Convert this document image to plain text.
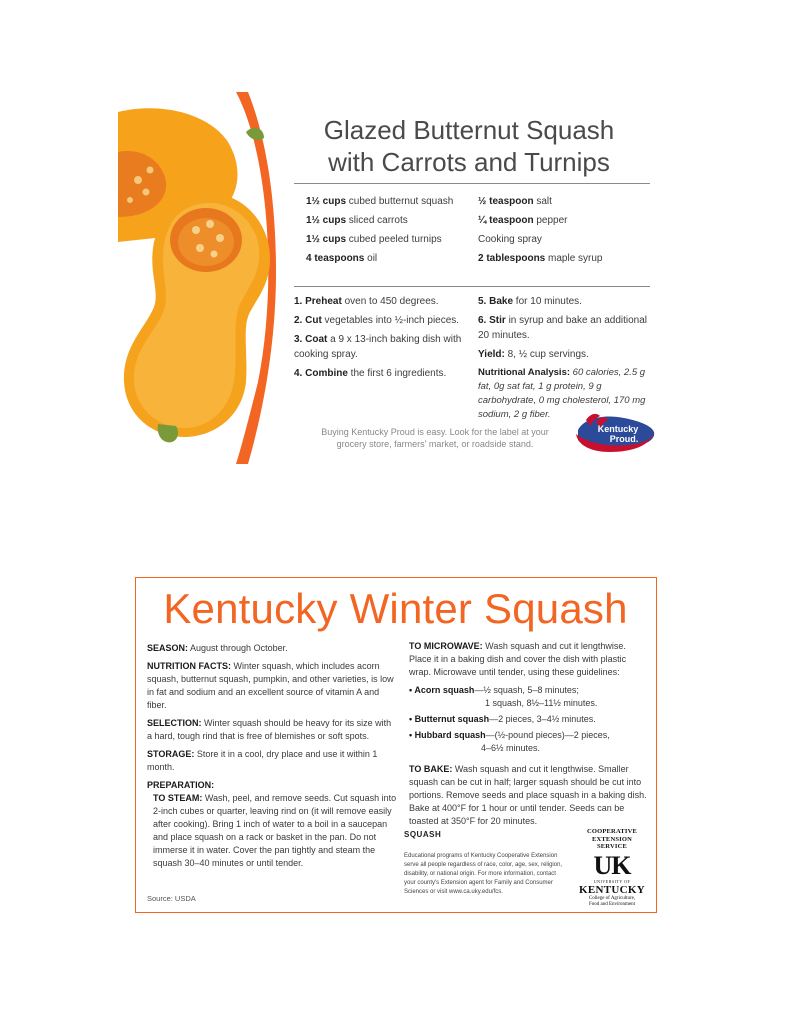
Glazed Butternut Squash
with Carrots and Turnips

1½ cups cubed butternut squash

1½ cups sliced carrots

1½ cups cubed peeled turnips

4 teaspoons oil

½ teaspoon salt

¼ teaspoon pepper

Cooking spray

2 tablespoons maple syrup

1. Preheat oven to 450 degrees.

2. Cut vegetables into ½-inch pieces.

3. Coat a 9 x 13-inch baking dish with cooking spray.

4. Combine the first 6 ingredients.

5. Bake for 10 minutes.

6. Stir in syrup and bake an additional 20 minutes.

Yield: 8, ½ cup servings.

Nutritional Analysis: 60 calories, 2.5 g fat, 0g sat fat, 1 g protein, 9 g carbohydrate, 0 mg cholesterol, 170 mg sodium, 2 g fiber.

Buying Kentucky Proud is easy. Look for the label at your
grocery store, farmers' market, or roadside stand.
Kentucky
Proud.
Kentucky Winter Squash

SEASON: August through October.

NUTRITION FACTS: Winter squash, which includes acorn squash, butternut squash, pumpkin, and other varieties, is low in fat and sodium and an excellent source of vitamin A and fiber.

SELECTION: Winter squash should be heavy for its size with a hard, tough rind that is free of blemishes or soft spots.

STORAGE: Store it in a cool, dry place and use it within 1 month.

PREPARATION:

TO STEAM: Wash, peel, and remove seeds. Cut squash into 2-inch cubes or quarter, leaving rind on (it will remove easily after cooking). Bring 1 inch of water to a boil in a saucepan and place squash on a rack or basket in the pan. Do not immerse it in water. Cover the pan tightly and steam the squash 30–40 minutes or until tender.

Source: USDA

TO MICROWAVE: Wash squash and cut it lengthwise. Place it in a baking dish and cover the dish with plastic wrap. Microwave until tender, using these guidelines:

• Acorn squash—½ squash, 5–8 minutes;
1 squash, 8½–11½ minutes.
• Butternut squash—2 pieces, 3–4½ minutes.
• Hubbard squash—(½-pound pieces)—2 pieces,

4–6½ minutes.

TO BAKE: Wash squash and cut it lengthwise. Smaller squash can be cut in half; larger squash should be cut into portions. Remove seeds and place squash in a baking dish. Bake at 400°F for 1 hour or until tender. Seeds can be toasted at 350°F for 20 minutes.

SQUASH
Educational programs of Kentucky Cooperative Extension serve all people regardless of race, color, age, sex, religion, disability, or national origin. For more information, contact your county's Extension agent for Family and Consumer Sciences or visit www.ca.uky.edu/fcs.
COOPERATIVE
EXTENSION
SERVICE
UK
UNIVERSITY OF
KENTUCKY
College of Agriculture,
Food and Environment
